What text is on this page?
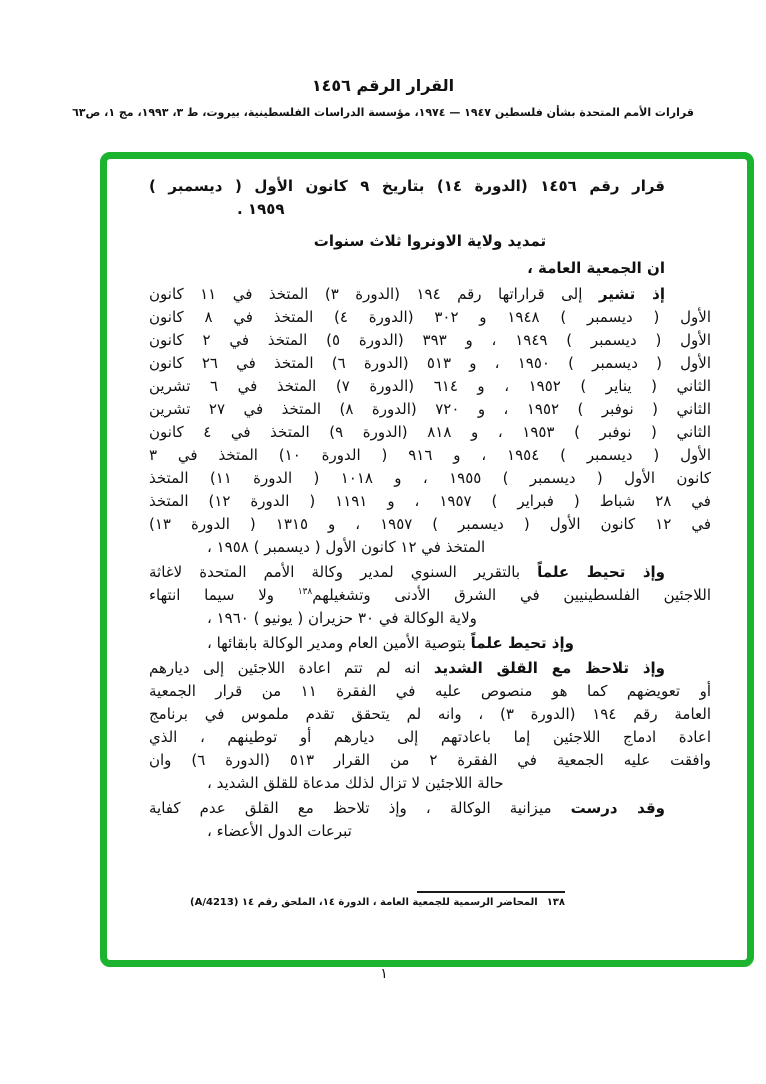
القرار الرقم ١٤٥٦
قرارات الأمم المتحدة بشأن فلسطين ١٩٤٧ — ١٩٧٤، مؤسسة الدراسات الفلسطينية، بيروت، ط ٣، ١٩٩٣، مج ١، ص٦٣
قرار رقم ١٤٥٦ (الدورة ١٤) بتاريخ ٩ كانون الأول ( ديسمبر )
١٩٥٩ .
تمديد ولاية الاونروا ثلاث سنوات
ان الجمعية العامة ،
إذ تشير إلى قراراتها رقم ١٩٤ (الدورة ٣) المتخذ في ١١ كانون
الأول ( ديسمبر ) ١٩٤٨ و ٣٠٢ (الدورة ٤) المتخذ في ٨ كانون
الأول ( ديسمبر ) ١٩٤٩ ، و ٣٩٣ (الدورة ٥) المتخذ في ٢ كانون
الأول ( ديسمبر ) ١٩٥٠ ، و ٥١٣ (الدورة ٦) المتخذ في ٢٦ كانون
الثاني ( يناير ) ١٩٥٢ ، و ٦١٤ (الدورة ٧) المتخذ في ٦ تشرين
الثاني ( نوفبر ) ١٩٥٢ ، و ٧٢٠ (الدورة ٨) المتخذ في ٢٧ تشرين
الثاني ( نوفبر ) ١٩٥٣ ، و ٨١٨ (الدورة ٩) المتخذ في ٤ كانون
الأول ( ديسمبر ) ١٩٥٤ ، و ٩١٦ ( الدورة ١٠) المتخذ في ٣
كانون الأول ( ديسمبر ) ١٩٥٥ ، و ١٠١٨ ( الدورة ١١) المتخذ
في ٢٨ شباط ( فبراير ) ١٩٥٧ ، و ١١٩١ ( الدورة ١٢) المتخذ
في ١٢ كانون الأول ( ديسمبر ) ١٩٥٧ ، و ١٣١٥ ( الدورة ١٣)
المتخذ في ١٢ كانون الأول ( ديسمبر ) ١٩٥٨ ،
وإذ تحيط علماً بالتقرير السنوي لمدير وكالة الأمم المتحدة لاغاثة
اللاجئين الفلسطينيين في الشرق الأدنى وتشغيلهم$^{١٣٨}$ ولا سيما انتهاء
ولاية الوكالة في ٣٠ حزيران ( يونيو ) ١٩٦٠ ،
وإذ تحيط علماً بتوصية الأمين العام ومدير الوكالة بابقائها ،
وإذ تلاحظ مع القلق الشديد انه لم تتم اعادة اللاجئين إلى ديارهم
أو تعويضهم كما هو منصوص عليه في الفقرة ١١ من قرار الجمعية
العامة رقم ١٩٤ (الدورة ٣) ، وانه لم يتحقق تقدم ملموس في برنامج
اعادة ادماج اللاجئين إما باعادتهم إلى ديارهم أو توطينهم ، الذي
وافقت عليه الجمعية في الفقرة ٢ من القرار ٥١٣ (الدورة ٦) وان
حالة اللاجئين لا تزال لذلك مدعاة للقلق الشديد ،
وقد درست ميزانية الوكالة ، وإذ تلاحظ مع القلق عدم كفاية
تبرعات الدول الأعضاء ،
١٣٨المحاضر الرسمية للجمعية العامة ، الدورة ١٤، الملحق رقم ١٤ (A/4213)
١
